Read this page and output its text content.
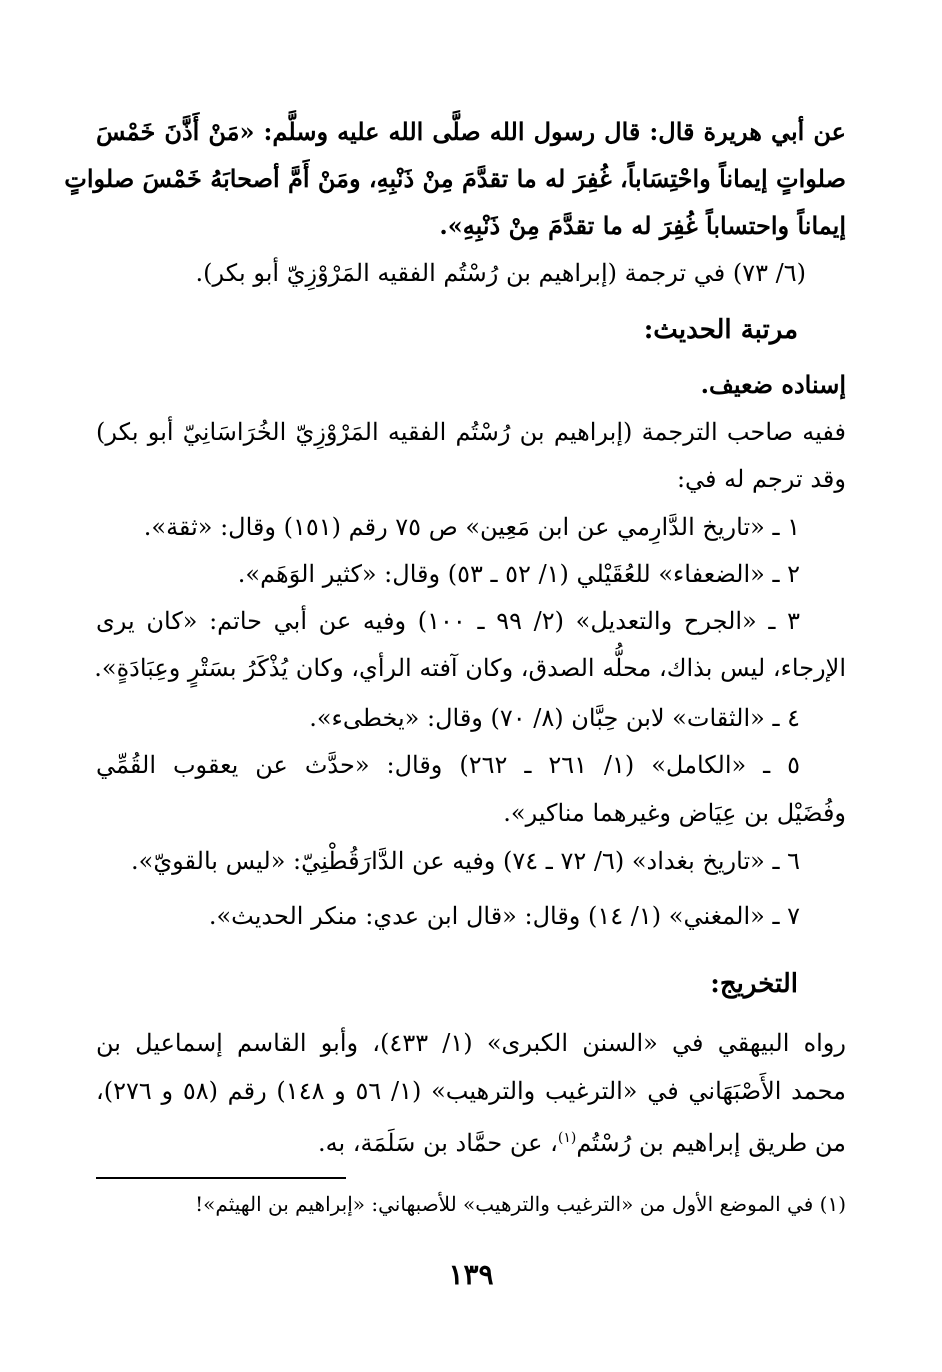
عن أبي هريرة قال: قال رسول الله صلَّى الله عليه وسلَّم: «مَنْ أَذَّنَ خَمْسَ
صلواتٍ إيماناً واحْتِسَاباً، غُفِرَ له ما تقدَّمَ مِنْ ذَنْبِهِ، ومَنْ أَمَّ أصحابَهُ خَمْسَ صلواتٍ
إيماناً واحتساباً غُفِرَ له ما تقدَّمَ مِنْ ذَنْبِهِ».
(٦/ ٧٣) في ترجمة (إبراهيم بن رُسْتُم الفقيه المَرْوْزِيّ أبو بكر).
مرتبة الحديث:
إسناده ضعيف.
ففيه صاحب الترجمة (إبراهيم بن رُسْتُم الفقيه المَرْوْزِيّ الخُرَاسَانِيّ أبو بكر)
وقد ترجم له في:
١ ـ «تاريخ الدَّارِمي عن ابن مَعِين» ص ٧٥ رقم (١٥١) وقال: «ثقة».
٢ ـ «الضعفاء» للعُقَيْلي (١/ ٥٢ ـ ٥٣) وقال: «كثير الوَهَم».
٣ ـ «الجرح والتعديل» (٢/ ٩٩ ـ ١٠٠) وفيه عن أبي حاتم: «كان يرى
الإرجاء، ليس بذاك، محلُّه الصدق، وكان آفته الرأي، وكان يُذْكَرُ بسَتْرٍ وعِبَادَةٍ».
٤ ـ «الثقات» لابن حِبَّان (٨/ ٧٠) وقال: «يخطىء».
٥ ـ «الكامل» (١/ ٢٦١ ـ ٢٦٢) وقال: «حدَّث عن يعقوب القُمِّي
وفُضَيْل بن عِيَاض وغيرهما مناكير».
٦ ـ «تاريخ بغداد» (٦/ ٧٢ ـ ٧٤) وفيه عن الدَّارَقُطْنِيّ: «ليس بالقويّ».
٧ ـ «المغني» (١/ ١٤) وقال: «قال ابن عدي: منكر الحديث».
التخريج:
رواه البيهقي في «السنن الكبرى» (١/ ٤٣٣)، وأبو القاسم إسماعيل بن
محمد الأَصْبَهَاني في «الترغيب والترهيب» (١/ ٥٦ و ١٤٨) رقم (٥٨ و ٢٧٦)،
من طريق إبراهيم بن رُسْتُم$^{(١)}$، عن حمَّاد بن سَلَمَة، به.
(١) في الموضع الأول من «الترغيب والترهيب» للأصبهاني: «إبراهيم بن الهيثم»!
١٣٩
